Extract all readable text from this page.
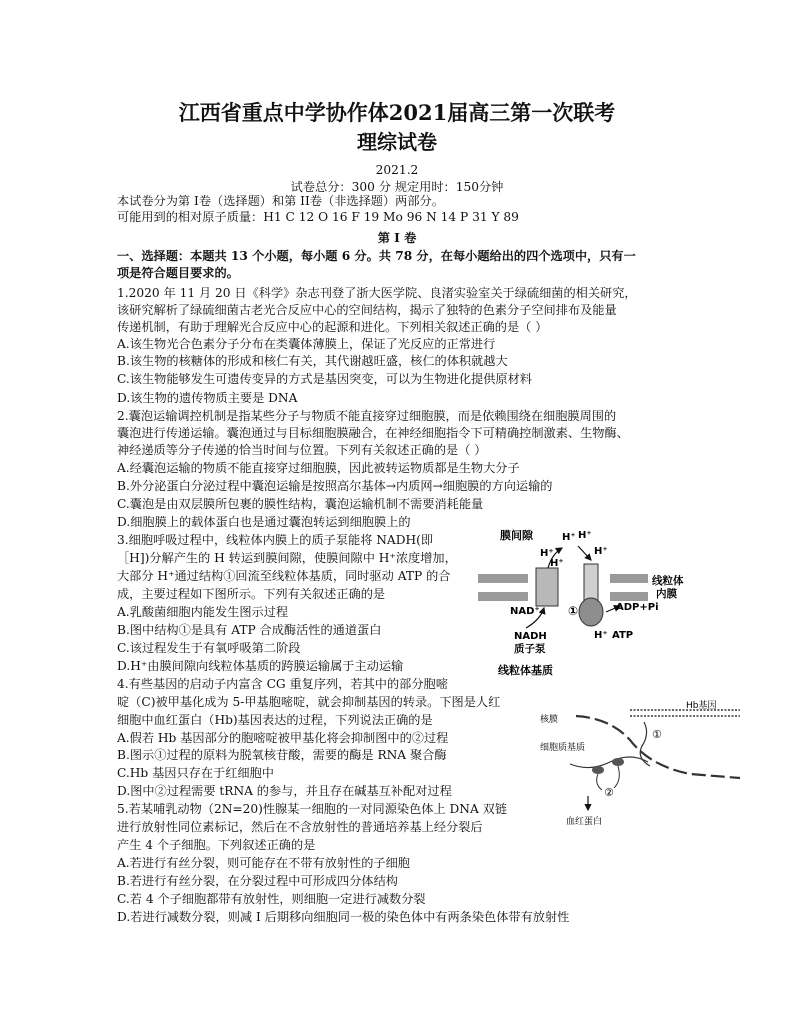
江西省重点中学协作体2021届高三第一次联考
理综试卷
2021.2
试卷总分：300 分 规定用时：150分钟
本试卷分为第 I卷（选择题）和第 II卷（非选择题）两部分。
可能用到的相对原子质量：H1 C 12 O 16 F 19 Mo 96 N 14 P 31 Y 89
第 I 卷
一、选择题：本题共 13 个小题，每小题 6 分。共 78 分，在每小题给出的四个选项中，只有一
项是符合题目要求的。
1.2020 年 11 月 20 日《科学》杂志刊登了浙大医学院、良渚实验室关于绿硫细菌的相关研究，
该研究解析了绿硫细菌古老光合反应中心的空间结构，揭示了独特的色素分子空间排布及能量
传递机制，有助于理解光合反应中心的起源和进化。下列相关叙述正确的是（ ）
A.该生物光合色素分子分布在类囊体薄膜上，保证了光反应的正常进行
B.该生物的核糖体的形成和核仁有关，其代谢越旺盛，核仁的体积就越大
C.该生物能够发生可遗传变异的方式是基因突变，可以为生物进化提供原材料
D.该生物的遗传物质主要是 DNA
2.囊泡运输调控机制是指某些分子与物质不能直接穿过细胞膜，而是依赖围绕在细胞膜周围的
囊泡进行传递运输。囊泡通过与目标细胞膜融合，在神经细胞指令下可精确控制激素、生物酶、
神经递质等分子传递的恰当时间与位置。下列有关叙述正确的是（ ）
A.经囊泡运输的物质不能直接穿过细胞膜，因此被转运物质都是生物大分子
B.外分泌蛋白分泌过程中囊泡运输是按照高尔基体→内质网→细胞膜的方向运输的
C.囊泡是由双层膜所包裹的膜性结构，囊泡运输机制不需要消耗能量
D.细胞膜上的载体蛋白也是通过囊泡转运到细胞膜上的
3.细胞呼吸过程中，线粒体内膜上的质子泵能将 NADH(即
［H])分解产生的 H 转运到膜间隙，使膜间隙中 H⁺浓度增加，
大部分 H⁺通过结构①回流至线粒体基质，同时驱动 ATP 的合
成，主要过程如下图所示。下列有关叙述正确的是
A.乳酸菌细胞内能发生图示过程
B.图中结构①是具有 ATP 合成酶活性的通道蛋白
C.该过程发生于有氧呼吸第二阶段
D.H⁺由膜间隙向线粒体基质的跨膜运输属于主动运输
4.有些基因的启动子内富含 CG 重复序列，若其中的部分胞嘧
啶（C)被甲基化成为 5-甲基胞嘧啶，就会抑制基因的转录。下图是人红
细胞中血红蛋白（Hb)基因表达的过程，下列说法正确的是
A.假若 Hb 基因部分的胞嘧啶被甲基化将会抑制图中的②过程
B.图示①过程的原料为脱氧核苷酸，需要的酶是 RNA 聚合酶
C.Hb 基因只存在于红细胞中
D.图中②过程需要 tRNA 的参与，并且存在碱基互补配对过程
5.若某哺乳动物（2N=20)性腺某一细胞的一对同源染色体上 DNA 双链
进行放射性同位素标记，然后在不含放射性的普通培养基上经分裂后
产生 4 个子细胞。下列叙述正确的是
A.若进行有丝分裂，则可能存在不带有放射性的子细胞
B.若进行有丝分裂，在分裂过程中可形成四分体结构
C.若 4 个子细胞都带有放射性，则细胞一定进行减数分裂
D.若进行减数分裂，则减 I 后期移向细胞同一极的染色体中有两条染色体带有放射性
膜间隙	H⁺ H⁺
H⁺
H⁺
H⁺
线粒体
内膜
NAD⁺ ①	ADP+Pi
NADH
质子泵
H⁺ ATP
线粒体基质
核膜
Hb基因
①
细胞质基质
②
血红蛋白
